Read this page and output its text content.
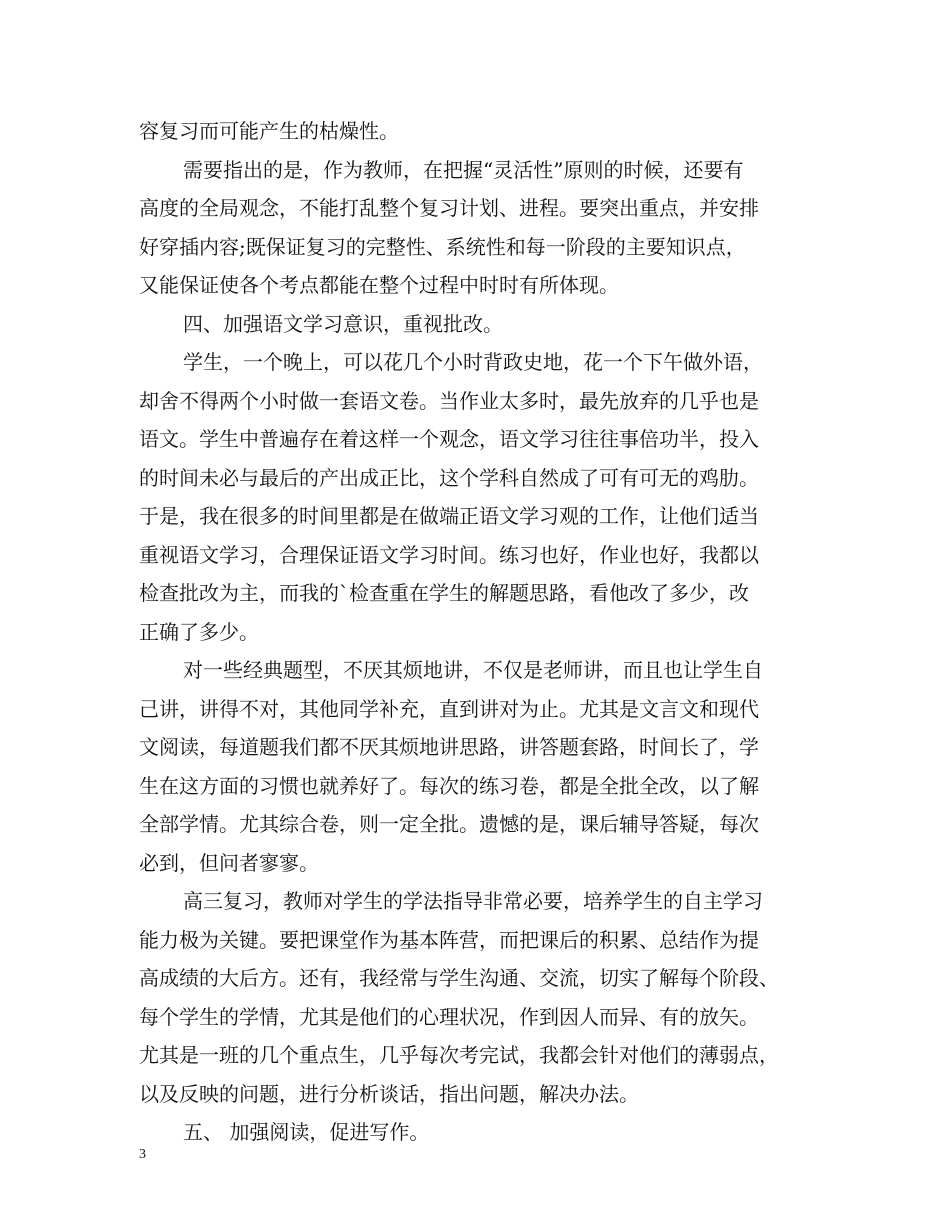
容复习而可能产生的枯燥性。
需要指出的是，作为教师，在把握“灵活性”原则的时候，还要有
高度的全局观念，不能打乱整个复习计划、进程。要突出重点，并安排
好穿插内容;既保证复习的完整性、系统性和每一阶段的主要知识点，
又能保证使各个考点都能在整个过程中时时有所体现。
四、加强语文学习意识，重视批改。
学生，一个晚上，可以花几个小时背政史地，花一个下午做外语，
却舍不得两个小时做一套语文卷。当作业太多时，最先放弃的几乎也是
语文。学生中普遍存在着这样一个观念，语文学习往往事倍功半，投入
的时间未必与最后的产出成正比，这个学科自然成了可有可无的鸡肋。
于是，我在很多的时间里都是在做端正语文学习观的工作，让他们适当
重视语文学习，合理保证语文学习时间。练习也好，作业也好，我都以
检查批改为主，而我的`检查重在学生的解题思路，看他改了多少，改
正确了多少。
对一些经典题型，不厌其烦地讲，不仅是老师讲，而且也让学生自
己讲，讲得不对，其他同学补充，直到讲对为止。尤其是文言文和现代
文阅读，每道题我们都不厌其烦地讲思路，讲答题套路，时间长了，学
生在这方面的习惯也就养好了。每次的练习卷，都是全批全改，以了解
全部学情。尤其综合卷，则一定全批。遗憾的是，课后辅导答疑，每次
必到，但问者寥寥。
高三复习，教师对学生的学法指导非常必要，培养学生的自主学习
能力极为关键。要把课堂作为基本阵营，而把课后的积累、总结作为提
高成绩的大后方。还有，我经常与学生沟通、交流，切实了解每个阶段、
每个学生的学情，尤其是他们的心理状况，作到因人而异、有的放矢。
尤其是一班的几个重点生，几乎每次考完试，我都会针对他们的薄弱点，
以及反映的问题，进行分析谈话，指出问题，解决办法。
五、 加强阅读，促进写作。
3
